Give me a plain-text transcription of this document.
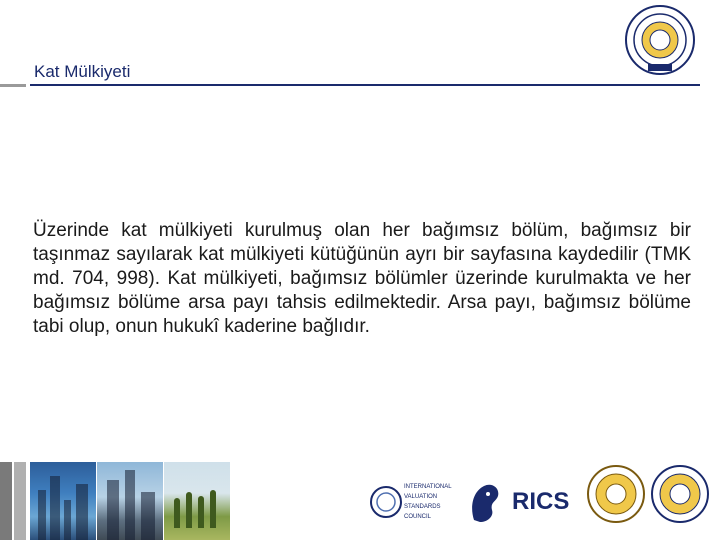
Kat Mülkiyeti

Üzerinde kat mülkiyeti kurulmuş olan her bağımsız bölüm, bağımsız bir taşınmaz sayılarak kat mülkiyeti kütüğünün ayrı bir sayfasına kaydedilir (TMK md. 704, 998). Kat mülkiyeti, bağımsız bölümler üzerinde kurulmakta ve her bağımsız bölüme arsa payı tahsis edilmektedir. Arsa payı, bağımsız bölüme tabi olup, onun hukukî kaderine bağlıdır.

INTERNATIONAL
VALUATION
STANDARDS
COUNCIL
RICS
